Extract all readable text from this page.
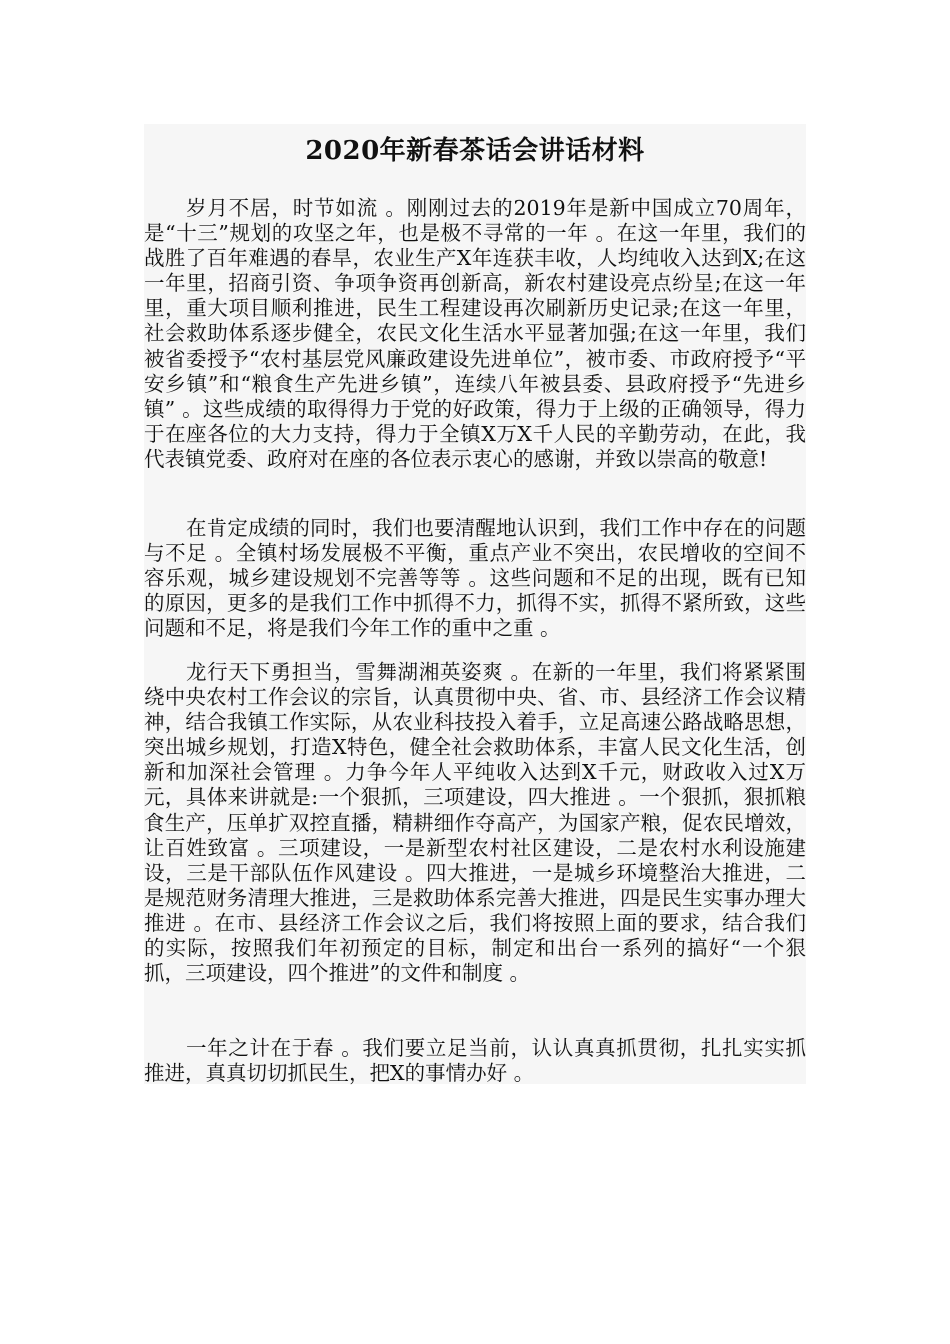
2020年新春茶话会讲话材料

岁月不居，时节如流 。刚刚过去的2019年是新中国成立70周年，是“十三”规划的攻坚之年，也是极不寻常的一年 。在这一年里，我们的战胜了百年难遇的春旱，农业生产X年连获丰收，人均纯收入达到X;在这一年里，招商引资、争项争资再创新高，新农村建设亮点纷呈;在这一年里，重大项目顺利推进，民生工程建设再次刷新历史记录;在这一年里，社会救助体系逐步健全，农民文化生活水平显著加强;在这一年里，我们被省委授予“农村基层党风廉政建设先进单位”，被市委、市政府授予“平安乡镇”和“粮食生产先进乡镇”，连续八年被县委、县政府授予“先进乡镇” 。这些成绩的取得得力于党的好政策，得力于上级的正确领导，得力于在座各位的大力支持，得力于全镇X万X千人民的辛勤劳动，在此，我代表镇党委、政府对在座的各位表示衷心的感谢，并致以崇高的敬意!

在肯定成绩的同时，我们也要清醒地认识到，我们工作中存在的问题与不足 。全镇村场发展极不平衡，重点产业不突出，农民增收的空间不容乐观，城乡建设规划不完善等等 。这些问题和不足的出现，既有已知的原因，更多的是我们工作中抓得不力，抓得不实，抓得不紧所致，这些问题和不足，将是我们今年工作的重中之重 。

龙行天下勇担当，雪舞湖湘英姿爽 。在新的一年里，我们将紧紧围绕中央农村工作会议的宗旨，认真贯彻中央、省、市、县经济工作会议精神，结合我镇工作实际，从农业科技投入着手，立足高速公路战略思想，突出城乡规划，打造X特色，健全社会救助体系，丰富人民文化生活，创新和加深社会管理 。力争今年人平纯收入达到X千元，财政收入过X万元，具体来讲就是:一个狠抓，三项建设，四大推进 。一个狠抓，狠抓粮食生产，压单扩双控直播，精耕细作夺高产，为国家产粮，促农民增效，让百姓致富 。三项建设，一是新型农村社区建设，二是农村水利设施建设，三是干部队伍作风建设 。四大推进，一是城乡环境整治大推进，二是规范财务清理大推进，三是救助体系完善大推进，四是民生实事办理大推进 。在市、县经济工作会议之后，我们将按照上面的要求，结合我们的实际，按照我们年初预定的目标，制定和出台一系列的搞好“一个狠抓，三项建设，四个推进”的文件和制度 。

一年之计在于春 。我们要立足当前，认认真真抓贯彻，扎扎实实抓推进，真真切切抓民生，把X的事情办好 。
